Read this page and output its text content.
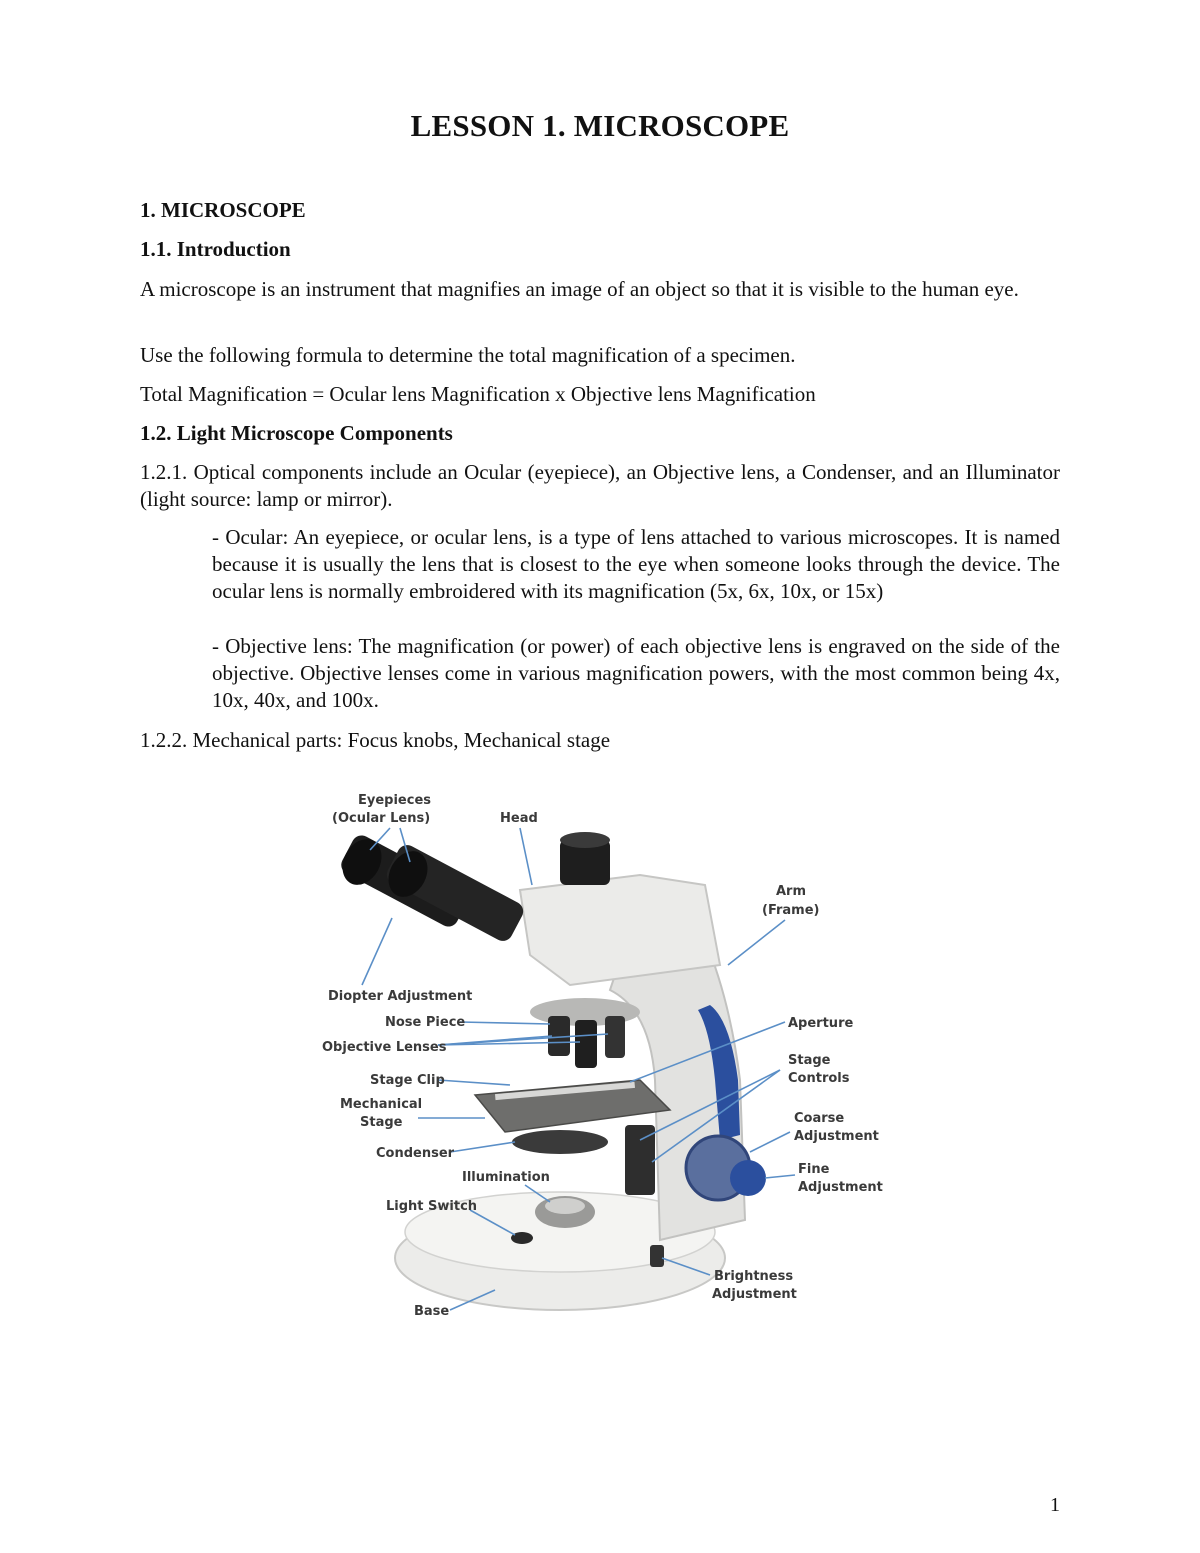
LESSON 1. MICROSCOPE
1. MICROSCOPE
1.1. Introduction
A microscope is an instrument that magnifies an image of an object so that it is visible to the human eye.
Use the following formula to determine the total magnification of a specimen.
Total Magnification = Ocular lens Magnification x Objective lens Magnification
1.2. Light Microscope Components
1.2.1. Optical components include an Ocular (eyepiece), an Objective lens, a Condenser, and an Illuminator (light source: lamp or mirror).
- Ocular: An eyepiece, or ocular lens, is a type of lens attached to various microscopes. It is named because it is usually the lens that is closest to the eye when someone looks through the device. The ocular lens is normally embroidered with its magnification (5x, 6x, 10x, or 15x)
- Objective lens: The magnification (or power) of each objective lens is engraved on the side of the objective. Objective lenses come in various magnification powers, with the most common being 4x, 10x, 40x, and 100x.
1.2.2. Mechanical parts: Focus knobs, Mechanical stage
Eyepieces
(Ocular Lens)	Head
Arm
(Frame)
Diopter Adjustment
Nose Piece
Objective Lenses
Aperture
Stage
Controls
Stage Clip
Mechanical
Stage	Coarse
Adjustment
Condenser
Fine
Adjustment
Illumination
Light Switch
Brightness
Adjustment
Base
1
